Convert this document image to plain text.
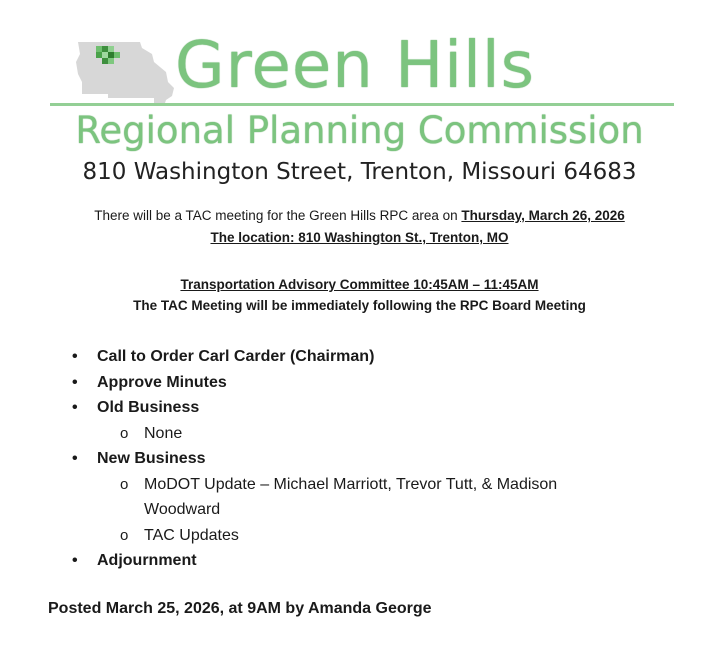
Green Hills
Regional Planning Commission
810 Washington Street, Trenton, Missouri 64683
There will be a TAC meeting for the Green Hills RPC area on Thursday, March 26, 2026
The location: 810 Washington St., Trenton, MO
Transportation Advisory Committee 10:45AM – 11:45AM
The TAC Meeting will be immediately following the RPC Board Meeting
• Call to Order Carl Carder (Chairman)
• Approve Minutes
• Old Business
o None
• New Business
o MoDOT Update – Michael Marriott, Trevor Tutt, & Madison Woodward
o TAC Updates
• Adjournment
Posted March 25, 2026, at 9AM by Amanda George
